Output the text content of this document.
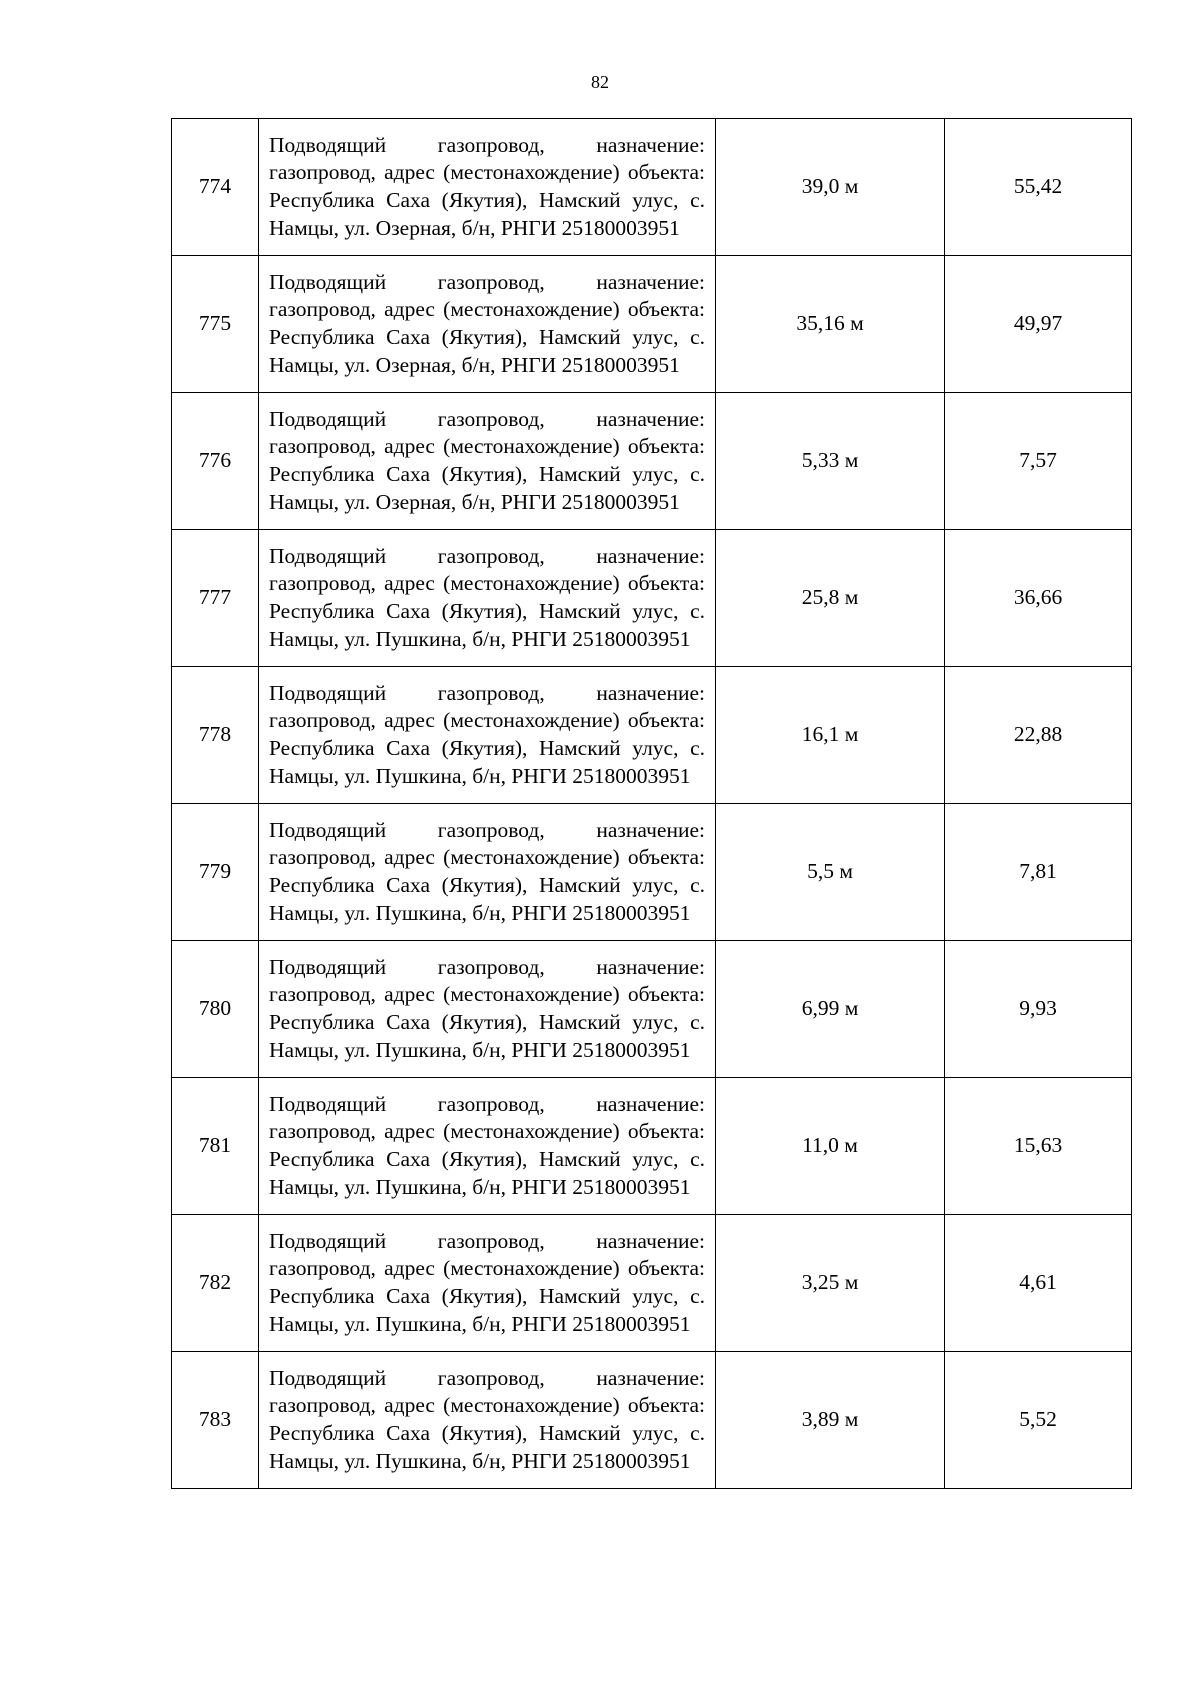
82
774	Подводящий газопровод, назначение: газопровод, адрес (местонахождение) объекта: Республика Саха (Якутия), Намский улус, с. Намцы, ул. Озерная, б/н, РНГИ 25180003951	39,0 м	55,42
775	Подводящий газопровод, назначение: газопровод, адрес (местонахождение) объекта: Республика Саха (Якутия), Намский улус, с. Намцы, ул. Озерная, б/н, РНГИ 25180003951	35,16 м	49,97
776	Подводящий газопровод, назначение: газопровод, адрес (местонахождение) объекта: Республика Саха (Якутия), Намский улус, с. Намцы, ул. Озерная, б/н, РНГИ 25180003951	5,33 м	7,57
777	Подводящий газопровод, назначение: газопровод, адрес (местонахождение) объекта: Республика Саха (Якутия), Намский улус, с. Намцы, ул. Пушкина, б/н, РНГИ 25180003951	25,8 м	36,66
778	Подводящий газопровод, назначение: газопровод, адрес (местонахождение) объекта: Республика Саха (Якутия), Намский улус, с. Намцы, ул. Пушкина, б/н, РНГИ 25180003951	16,1 м	22,88
779	Подводящий газопровод, назначение: газопровод, адрес (местонахождение) объекта: Республика Саха (Якутия), Намский улус, с. Намцы, ул. Пушкина, б/н, РНГИ 25180003951	5,5 м	7,81
780	Подводящий газопровод, назначение: газопровод, адрес (местонахождение) объекта: Республика Саха (Якутия), Намский улус, с. Намцы, ул. Пушкина, б/н, РНГИ 25180003951	6,99 м	9,93
781	Подводящий газопровод, назначение: газопровод, адрес (местонахождение) объекта: Республика Саха (Якутия), Намский улус, с. Намцы, ул. Пушкина, б/н, РНГИ 25180003951	11,0 м	15,63
782	Подводящий газопровод, назначение: газопровод, адрес (местонахождение) объекта: Республика Саха (Якутия), Намский улус, с. Намцы, ул. Пушкина, б/н, РНГИ 25180003951	3,25 м	4,61
783	Подводящий газопровод, назначение: газопровод, адрес (местонахождение) объекта: Республика Саха (Якутия), Намский улус, с. Намцы, ул. Пушкина, б/н, РНГИ 25180003951	3,89 м	5,52
